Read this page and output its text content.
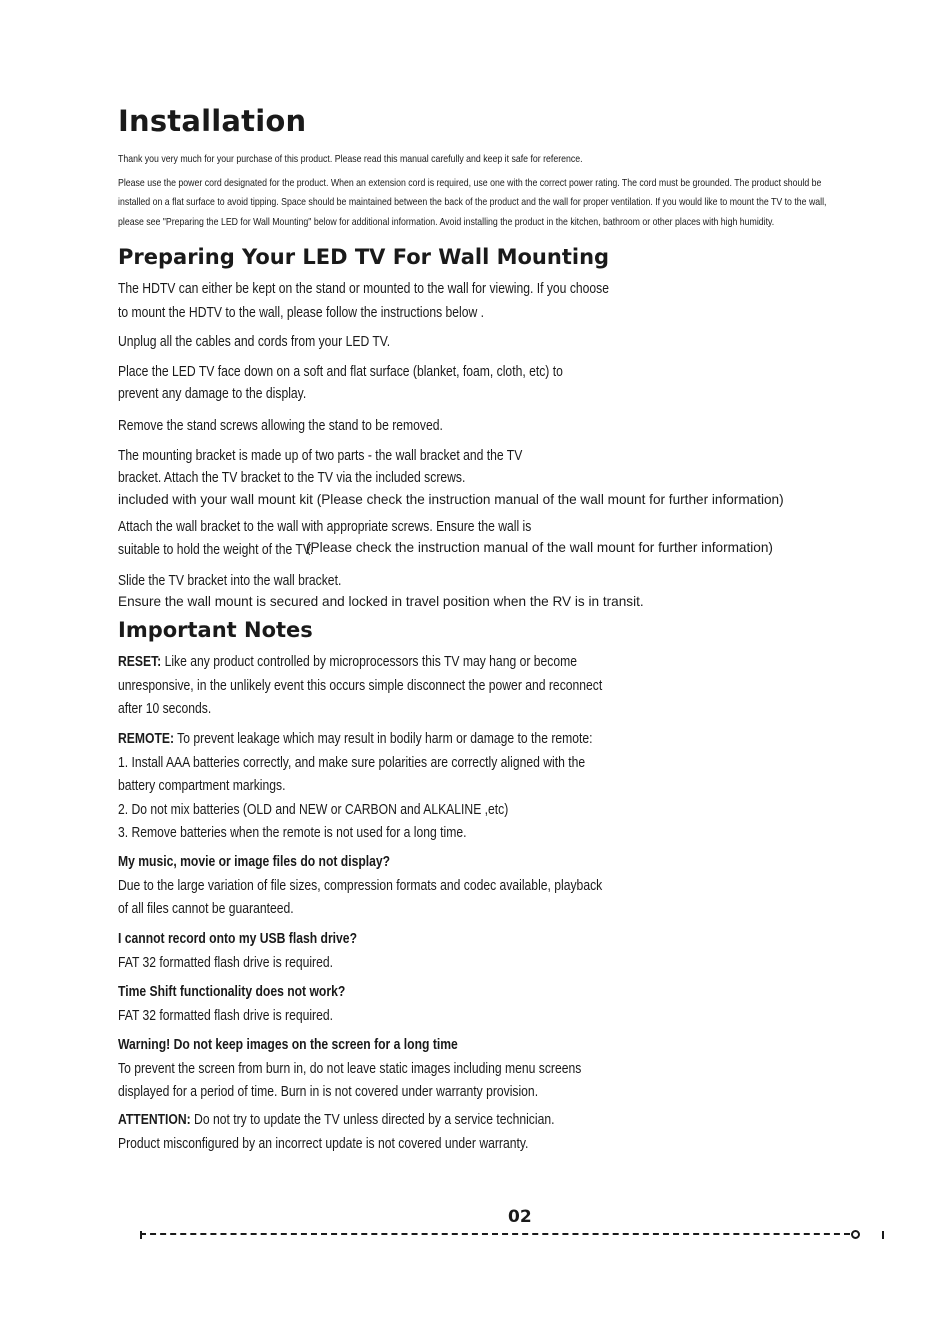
Installation
Thank you very much for your purchase of this product. Please read this manual carefully and keep it safe for reference.
Please use the power cord designated for the product. When an extension cord is required, use one with the correct power rating. The cord must be grounded. The product should be
installed on a flat surface to avoid tipping. Space should be maintained between the back of the product and the wall for proper ventilation. If you would like to mount the TV to the wall,
please see "Preparing the LED for Wall Mounting" below for additional information. Avoid installing the product in the kitchen, bathroom or other places with high humidity.
Preparing Your LED TV For Wall Mounting
The HDTV can either be kept on the stand or mounted to the wall for viewing. If you choose
to mount the HDTV to the wall, please follow the instructions below .
Unplug all the cables and cords from your LED TV.
Place the LED TV face down on a soft and flat surface (blanket, foam, cloth, etc) to
prevent any damage to the display.
Remove the stand screws allowing the stand to be removed.
The mounting bracket is made up of two parts - the wall bracket and the TV
bracket. Attach the TV bracket to the TV via the included screws.
included with your wall mount kit (Please check the instruction manual of the wall mount for further information)
Attach the wall bracket to the wall with appropriate screws. Ensure the wall is
suitable to hold the weight of the TV.
(Please check the instruction manual of the wall mount for further information)
Slide the TV bracket into the wall bracket.
Ensure the wall mount is secured and locked in travel position when the RV is in transit.
Important Notes
RESET: Like any product controlled by microprocessors this TV may hang or become
unresponsive, in the unlikely event this occurs simple disconnect the power and reconnect
after 10 seconds.
REMOTE: To prevent leakage which may result in bodily harm or damage to the remote:
1. Install AAA batteries correctly, and make sure polarities are correctly aligned with the
battery compartment markings.
2. Do not mix batteries (OLD and NEW or CARBON and ALKALINE ,etc)
3. Remove batteries when the remote is not used for a long time.
My music, movie or image files do not display?
Due to the large variation of file sizes, compression formats and codec available, playback
of all files cannot be guaranteed.
I cannot record onto my USB flash drive?
FAT 32 formatted flash drive is required.
Time Shift functionality does not work?
FAT 32 formatted flash drive is required.
Warning! Do not keep images on the screen for a long time
To prevent the screen from burn in, do not leave static images including menu screens
displayed for a period of time. Burn in is not covered under warranty provision.
ATTENTION: Do not try to update the TV unless directed by a service technician.
Product misconfigured by an incorrect update is not covered under warranty.
02
